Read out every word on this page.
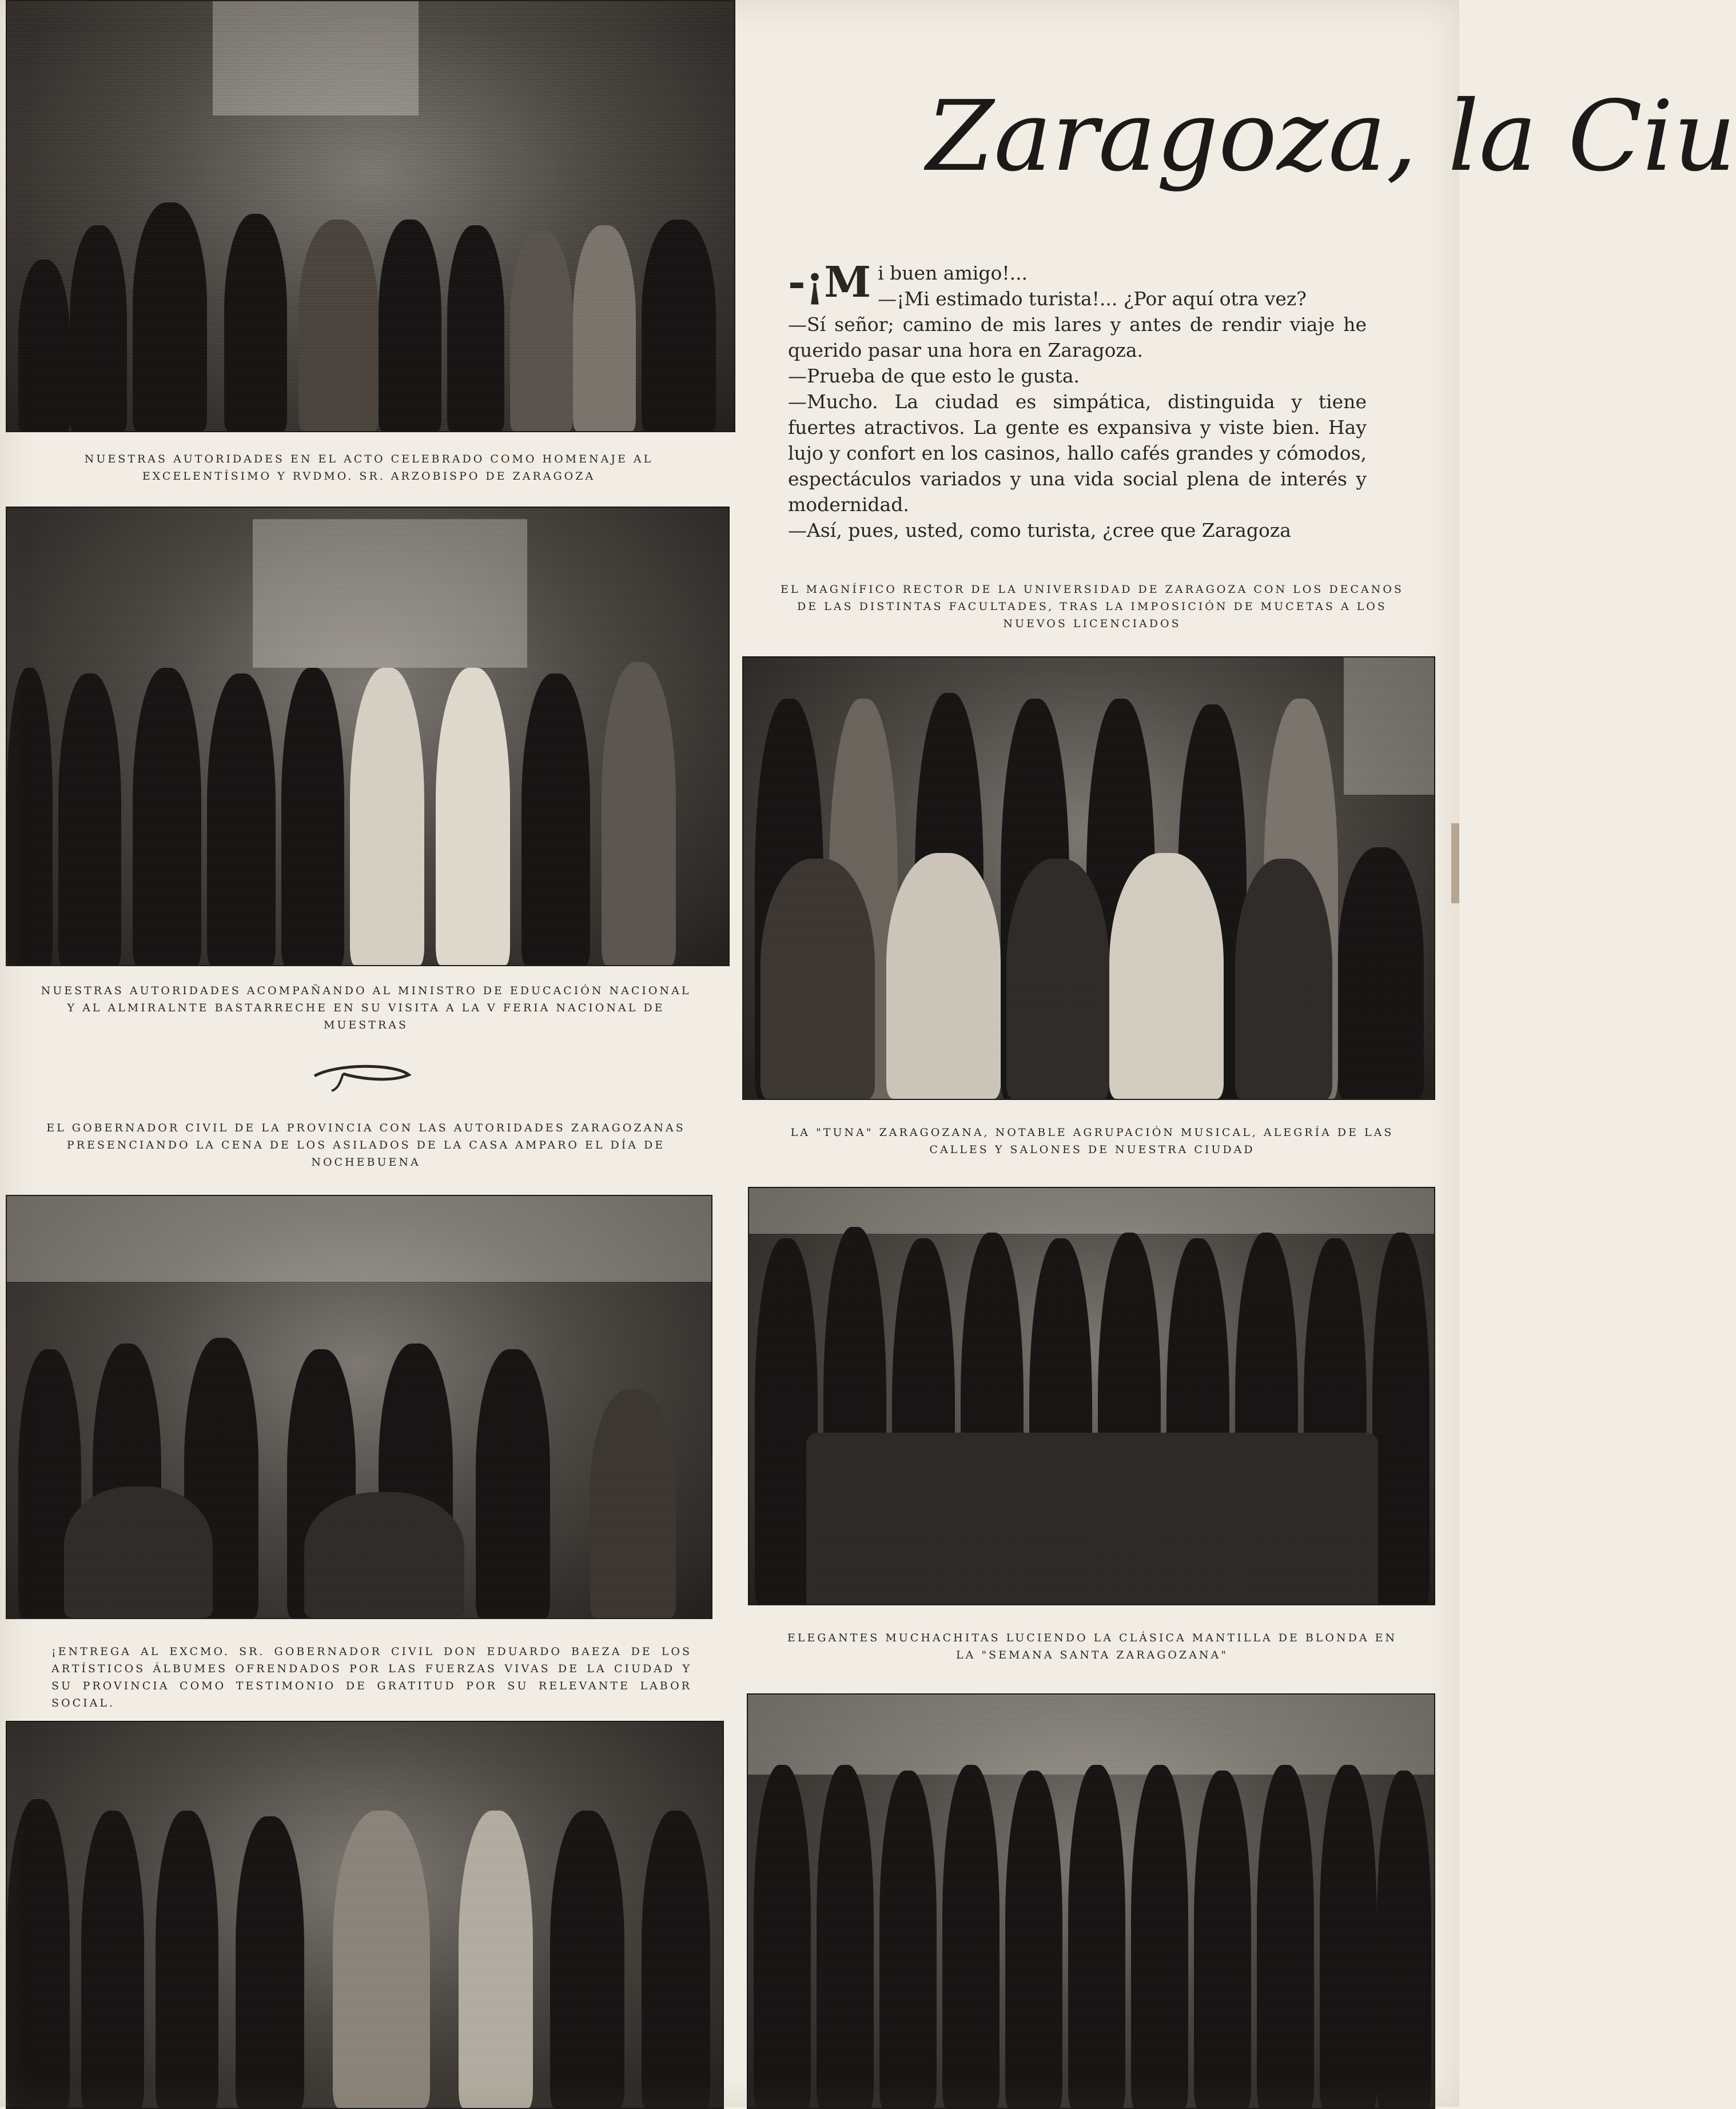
NUESTRAS AUTORIDADES EN EL ACTO CELEBRADO COMO HOMENAJE AL EXCELENTÍSIMO Y RVDMO. SR. ARZOBISPO DE ZARAGOZA
NUESTRAS AUTORIDADES ACOMPAÑANDO AL MINISTRO DE EDUCACIÓN NACIONAL Y AL ALMIRALNTE BASTARRECHE EN SU VISITA A LA V FERIA NACIONAL DE MUESTRAS
EL GOBERNADOR CIVIL DE LA PROVINCIA CON LAS AUTORIDADES ZARAGOZANAS PRESENCIANDO LA CENA DE LOS ASILADOS DE LA CASA AMPARO EL DÍA DE NOCHEBUENA
¡ENTREGA AL EXCMO. SR. GOBERNADOR CIVIL DON EDUARDO BAEZA DE LOS ARTÍSTICOS ÁLBUMES OFRENDADOS POR LAS FUERZAS VIVAS DE LA CIUDAD Y SU PROVINCIA COMO TESTIMONIO DE GRATITUD POR SU RELEVANTE LABOR SOCIAL.
Zaragoza, la Ciu

-¡M i buen amigo!...

—¡Mi estimado turista!... ¿Por aquí otra vez?

—Sí señor; camino de mis lares y antes de rendir viaje he querido pasar una hora en Zaragoza.

—Prueba de que esto le gusta.

—Mucho. La ciudad es simpática, distinguida y tiene fuertes atractivos. La gente es expansiva y viste bien. Hay lujo y confort en los casinos, hallo cafés grandes y cómodos, espectáculos variados y una vida social plena de interés y modernidad.

—Así, pues, usted, como turista, ¿cree que Zaragoza

EL MAGNÍFICO RECTOR DE LA UNIVERSIDAD DE ZARAGOZA CON LOS DECANOS DE LAS DISTINTAS FACULTADES, TRAS LA IMPOSICIÓN DE MUCETAS A LOS NUEVOS LICENCIADOS
LA "TUNA" ZARAGOZANA, NOTABLE AGRUPACIÓN MUSICAL, ALEGRÍA DE LAS CALLES Y SALONES DE NUESTRA CIUDAD
ELEGANTES MUCHACHITAS LUCIENDO LA CLÁSICA MANTILLA DE BLONDA EN LA "SEMANA SANTA ZARAGOZANA"
